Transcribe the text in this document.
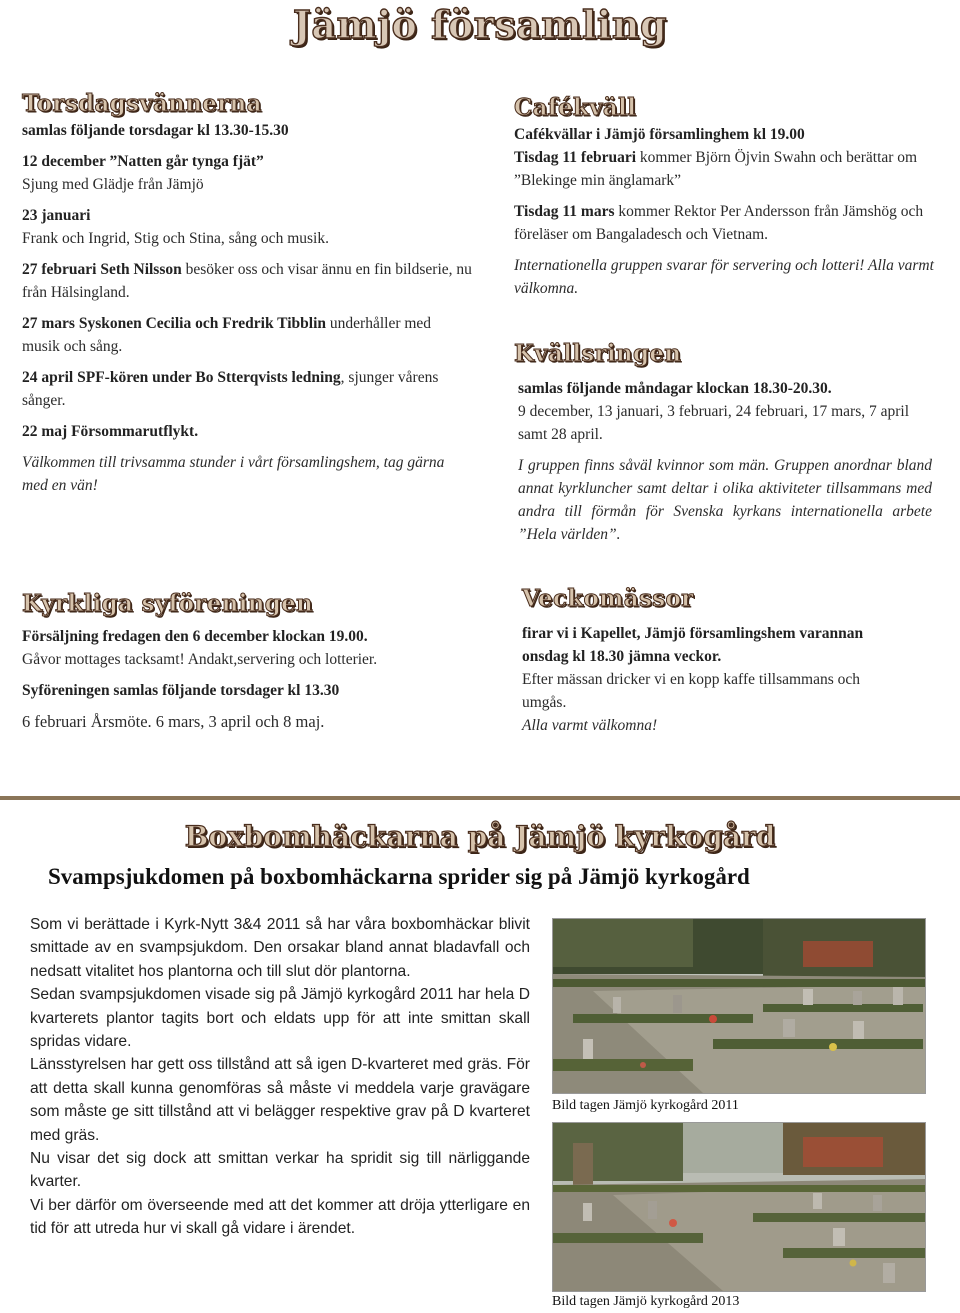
Jämjö församling
Torsdagsvännerna

samlas följande torsdagar kl 13.30-15.30

12 december ”Natten går tynga fjät”

Sjung med Glädje från Jämjö

23 januari

Frank och Ingrid, Stig och Stina, sång och musik.

27 februari Seth Nilsson besöker oss och visar ännu en fin bildserie, nu från Hälsingland.

27 mars Syskonen Cecilia och Fredrik Tibblin underhåller med musik och sång.

24 april SPF-kören under Bo Stterqvists ledning, sjunger vårens sånger.

22 maj Försommarutflykt.

Välkommen till trivsamma stunder i vårt församlingshem, tag gärna med en vän!

Kyrkliga syföreningen

Försäljning fredagen den 6 december klockan 19.00.

Gåvor mottages tacksamt! Andakt,servering och lotterier.

Syföreningen samlas följande torsdager kl 13.30

6 februari Årsmöte. 6 mars, 3 april och 8 maj.

Cafékväll

Cafékvällar i Jämjö församlinghem kl 19.00

Tisdag 11 februari kommer Björn Öjvin Swahn och berättar om ”Blekinge min änglamark”

Tisdag 11 mars kommer Rektor Per Andersson från Jämshög och föreläser om Bangaladesch och Vietnam.

Internationella gruppen svarar för servering och lotteri! Alla varmt välkomna.

Kvällsringen

samlas följande måndagar klockan 18.30-20.30.

9 december, 13 januari, 3 februari, 24 februari, 17 mars, 7 april samt 28 april.

I gruppen finns såväl kvinnor som män. Gruppen anordnar bland annat kyrkluncher samt deltar i olika aktiviteter tillsammans med andra till förmån för Svenska kyrkans internationella arbete ”Hela världen”.

Veckomässor

firar vi i Kapellet, Jämjö församlingshem varannan onsdag kl 18.30 jämna veckor.

Efter mässan dricker vi en kopp kaffe tillsammans och umgås.

Alla varmt välkomna!

Boxbomhäckarna på Jämjö kyrkogård
Svampsjukdomen på boxbomhäckarna sprider sig på Jämjö kyrkogård

Som vi berättade i Kyrk-Nytt 3&4 2011 så har våra boxbomhäckar blivit smittade av en svampsjukdom. Den orsakar bland annat bladavfall och nedsatt vitalitet hos plantorna och till slut dör plantorna.

Sedan svampsjukdomen visade sig på Jämjö kyrkogård 2011 har hela D kvarterets plantor tagits bort och eldats upp för att inte smittan skall spridas vidare.

Länsstyrelsen har gett oss tillstånd att så igen D-kvarteret med gräs. För att detta skall kunna genomföras så måste vi meddela varje gravägare som måste ge sitt tillstånd att vi belägger respektive grav på D kvarteret med gräs.

Nu visar det sig dock att smittan verkar ha spridit sig till närliggande kvarter.

Vi ber därför om överseende med att det kommer att dröja ytterligare en tid för att utreda hur vi skall gå vidare i ärendet.

Bild tagen Jämjö kyrkogård 2011
Bild tagen Jämjö kyrkogård 2013
